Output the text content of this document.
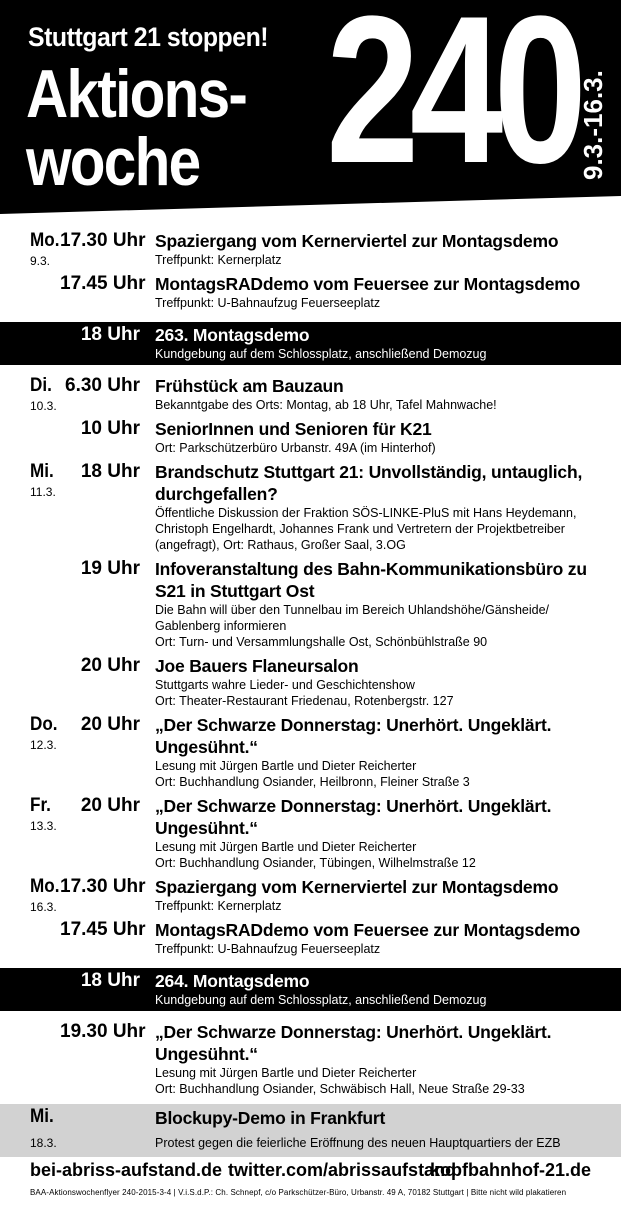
Stuttgart 21 stoppen!
Aktions-
woche 240 9.3.-16.3.
Mo.
9.3.
17.30 Uhr Spaziergang vom Kernerviertel zur Montagsdemo
Treffpunkt: Kernerplatz
17.45 Uhr MontagsRADdemo vom Feuersee zur Montagsdemo
Treffpunkt: U-Bahnaufzug Feuerseeplatz
18 Uhr 263. Montagsdemo
Kundgebung auf dem Schlossplatz, anschließend Demozug
Di.
10.3.
6.30 Uhr Frühstück am Bauzaun
Bekanntgabe des Orts: Montag, ab 18 Uhr, Tafel Mahnwache!
10 Uhr SeniorInnen und Senioren für K21
Ort: Parkschützerbüro Urbanstr. 49A (im Hinterhof)
Mi.
11.3.
18 Uhr Brandschutz Stuttgart 21: Unvollständig, untauglich, durchgefallen?
Öffentliche Diskussion der Fraktion SÖS-LINKE-PluS mit Hans Heydemann,
Christoph Engelhardt, Johannes Frank und Vertretern der Projektbetreiber
(angefragt), Ort: Rathaus, Großer Saal, 3.OG
19 Uhr Infoveranstaltung des Bahn-Kommunikationsbüro zu S21 in Stuttgart Ost
Die Bahn will über den Tunnelbau im Bereich Uhlandshöhe/Gänsheide/
Gablenberg informieren
Ort: Turn- und Versammlungshalle Ost, Schönbühlstraße 90
20 Uhr Joe Bauers Flaneursalon
Stuttgarts wahre Lieder- und Geschichtenshow
Ort: Theater-Restaurant Friedenau, Rotenbergstr. 127
Do.
12.3.
20 Uhr „Der Schwarze Donnerstag: Unerhört. Ungeklärt. Ungesühnt.“
Lesung mit Jürgen Bartle und Dieter Reicherter
Ort: Buchhandlung Osiander, Heilbronn, Fleiner Straße 3
Fr.
13.3.
20 Uhr „Der Schwarze Donnerstag: Unerhört. Ungeklärt. Ungesühnt.“
Lesung mit Jürgen Bartle und Dieter Reicherter
Ort: Buchhandlung Osiander, Tübingen, Wilhelmstraße 12
Mo.
16.3.
17.30 Uhr Spaziergang vom Kernerviertel zur Montagsdemo
Treffpunkt: Kernerplatz
17.45 Uhr MontagsRADdemo vom Feuersee zur Montagsdemo
Treffpunkt: U-Bahnaufzug Feuerseeplatz
18 Uhr 264. Montagsdemo
Kundgebung auf dem Schlossplatz, anschließend Demozug
19.30 Uhr „Der Schwarze Donnerstag: Unerhört. Ungeklärt. Ungesühnt.“
Lesung mit Jürgen Bartle und Dieter Reicherter
Ort: Buchhandlung Osiander, Schwäbisch Hall, Neue Straße 29-33
Mi.
18.3.
Blockupy-Demo in Frankfurt
Protest gegen die feierliche Eröffnung des neuen Hauptquartiers der EZB
bei-abriss-aufstand.de twitter.com/abrissaufstand
kopfbahnhof-21.de
BAA-Aktionswochenflyer 240-2015-3-4 | V.i.S.d.P.: Ch. Schnepf, c/o Parkschützer-Büro, Urbanstr. 49 A, 70182 Stuttgart | Bitte nicht wild plakatieren
